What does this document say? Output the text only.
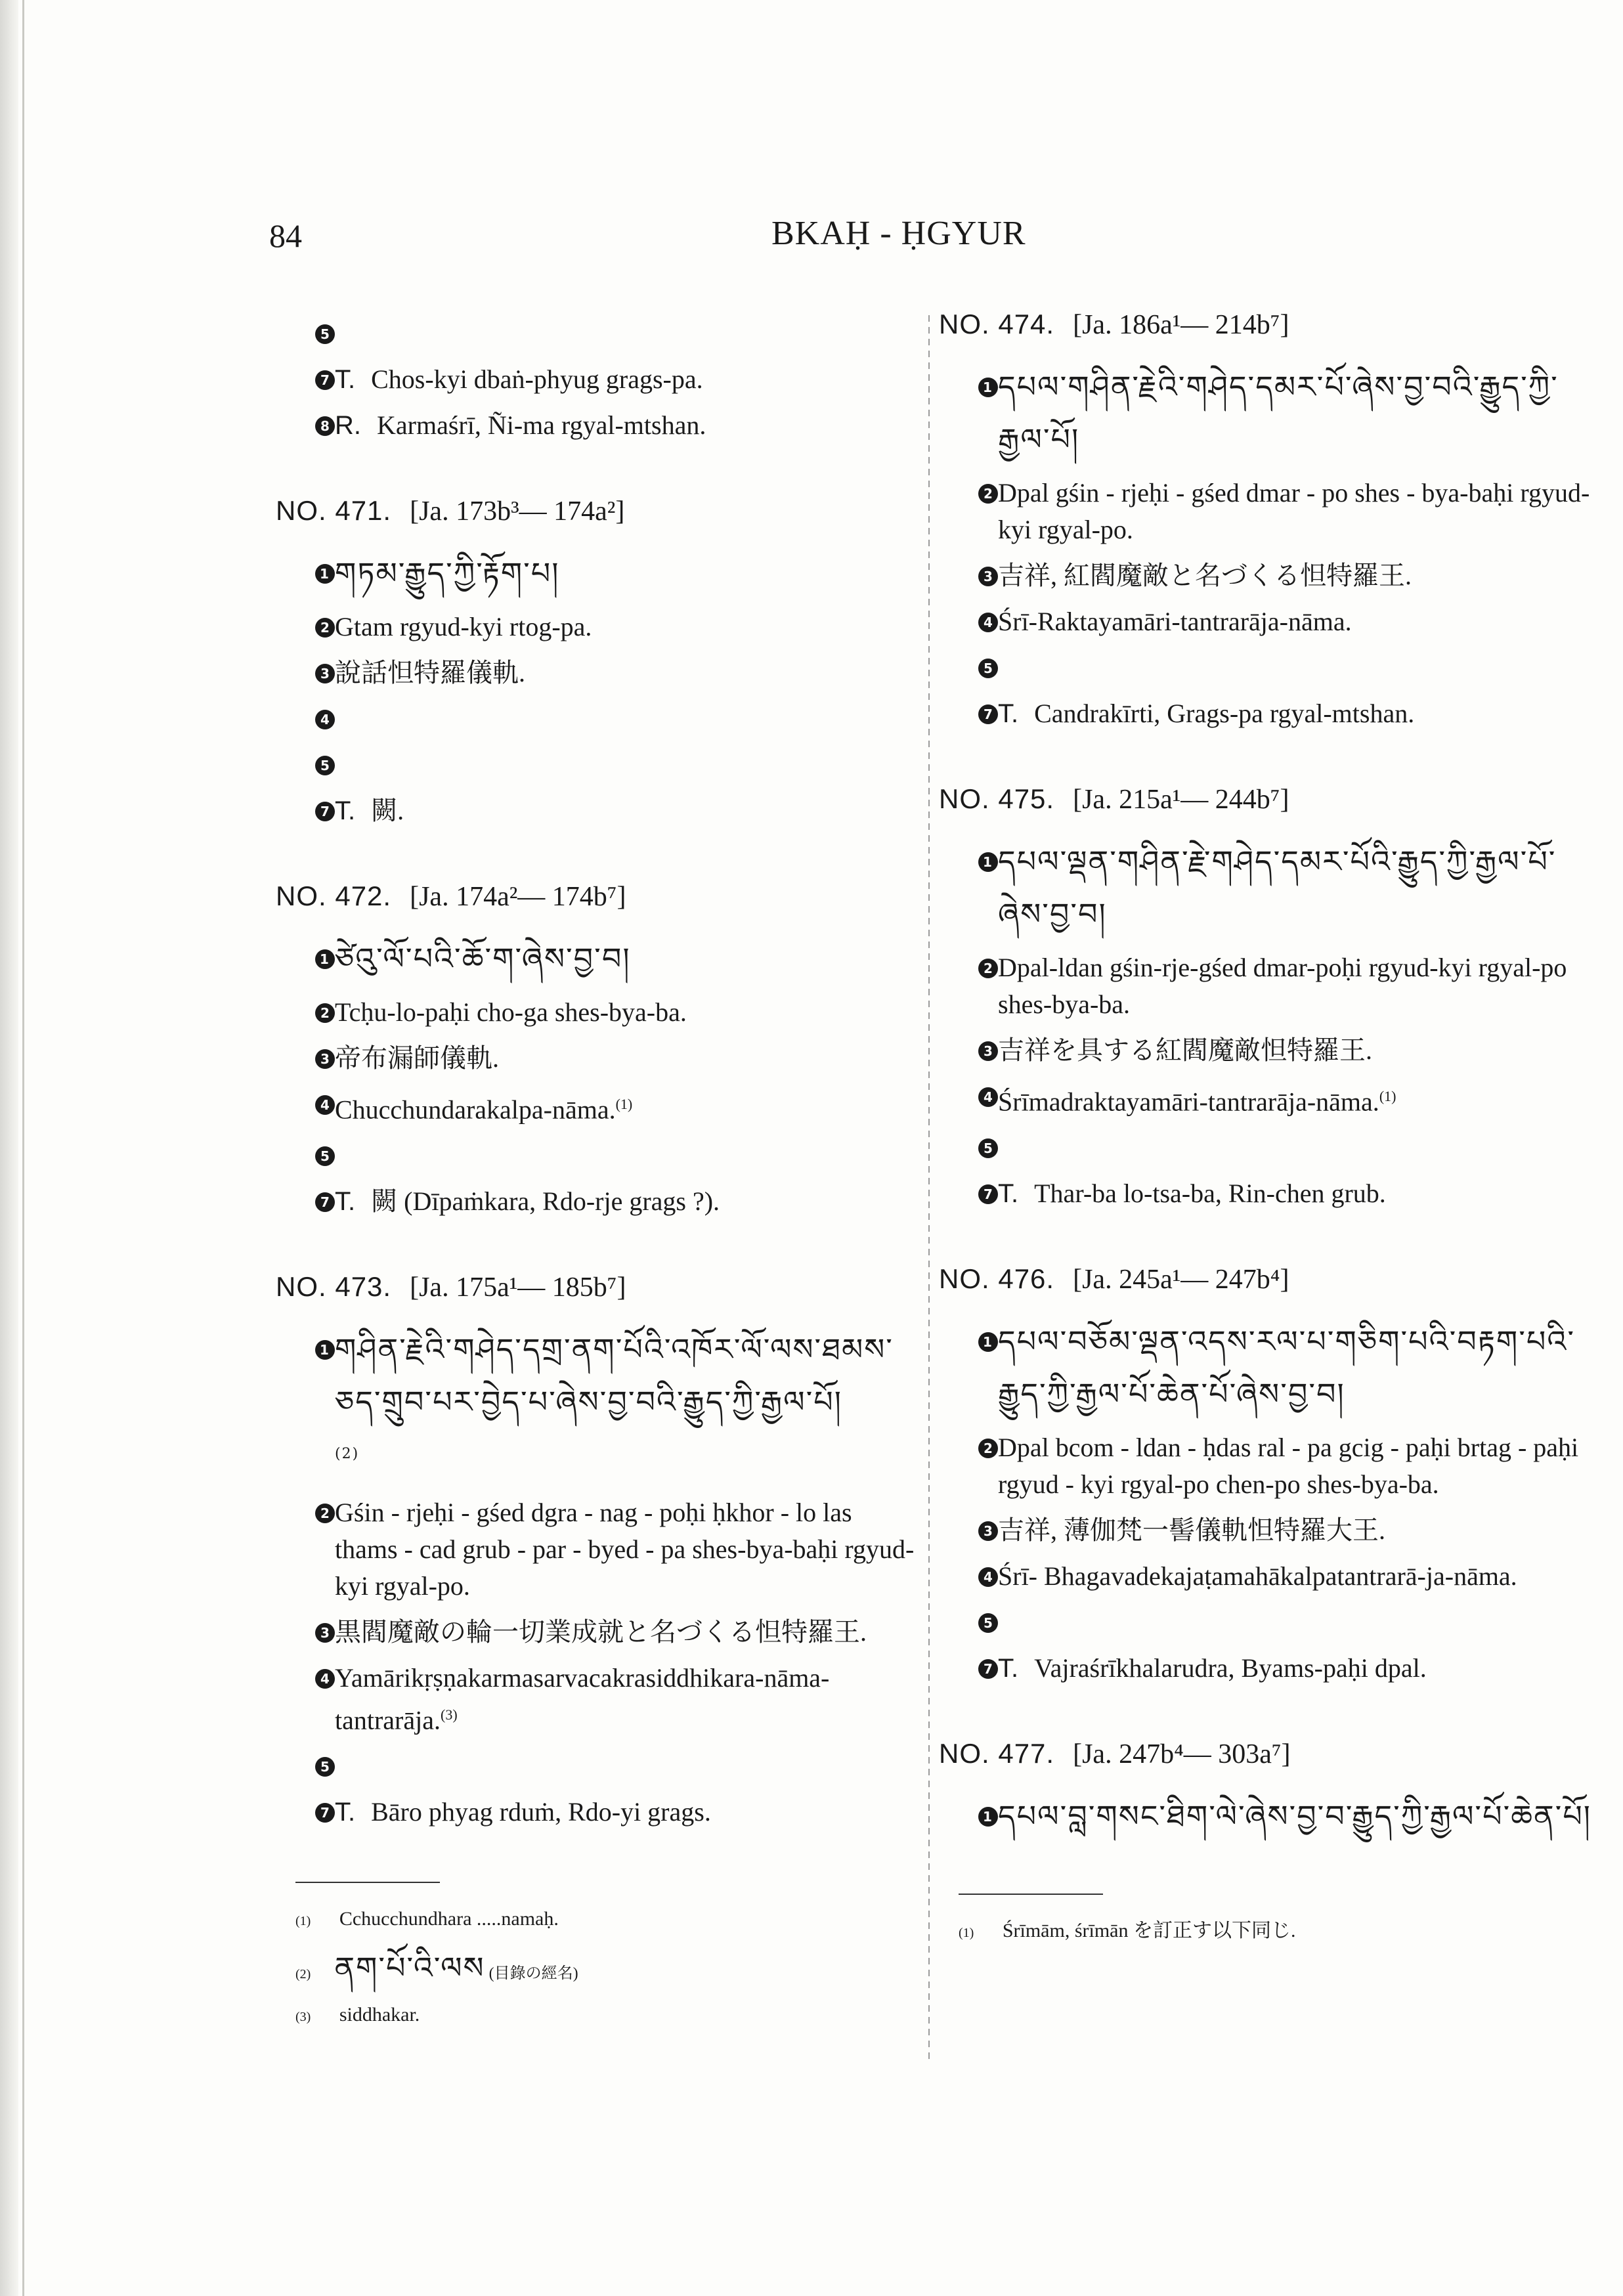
84	BKAḤ - ḤGYUR
5
7 T. Chos-kyi dbaṅ-phyug grags-pa.
8 R. Karmaśrī, Ñi-ma rgyal-mtshan.
NO. 471. [Ja. 173b³— 174a²]
1 གཏམ་རྒྱུད་ཀྱི་རྟོག་པ།
2 Gtam rgyud-kyi rtog-pa.
3 說話怛特羅儀軌.
4
5
7 T. 闕.
NO. 472. [Ja. 174a²— 174b⁷]
1 ཙེའུ་ལོ་པའི་ཆོ་ག་ཞེས་བྱ་བ།
2 Tcḥu-lo-paḥi cho-ga shes-bya-ba.
3 帝布漏師儀軌.
4 Chucchundarakalpa-nāma.$^{(1)}$
5
7 T. 闕 (Dīpaṁkara, Rdo-rje grags ?).
NO. 473. [Ja. 175a¹— 185b⁷]
1 གཤིན་རྗེའི་གཤེད་དགྲ་ནག་པོའི་འཁོར་ལོ་ལས་ཐམས་ཅད་གྲུབ་པར་བྱེད་པ་ཞེས་བྱ་བའི་རྒྱུད་ཀྱི་རྒྱལ་པོ།
$^{(2)}$
2 Gśin - rjeḥi - gśed dgra - nag - poḥi ḥkhor - lo las thams - cad grub - par - byed - pa shes-bya-baḥi rgyud-kyi rgyal-po.
3 黒閻魔敵の輪一切業成就と名づくる怛特羅王.
4 Yamārikṛṣṇakarmasarvacakrasiddhikara-nāma-tantrarāja.$^{(3)}$
5
7 T. Bāro phyag rduṁ, Rdo-yi grags.
(1) Cchucchundhara .....namaḥ.
(2) ནག་པོ་འི་ལས (目錄の經名)
(3) siddhakar.
NO. 474. [Ja. 186a¹— 214b⁷]
1 དཔལ་གཤིན་རྗེའི་གཤེད་དམར་པོ་ཞེས་བྱ་བའི་རྒྱུད་ཀྱི་རྒྱལ་པོ།
2 Dpal gśin - rjeḥi - gśed dmar - po shes - bya-baḥi rgyud-kyi rgyal-po.
3 吉祥, 紅閻魔敵と名づくる怛特羅王.
4 Śrī-Raktayamāri-tantrarāja-nāma.
5
7 T. Candrakīrti, Grags-pa rgyal-mtshan.
NO. 475. [Ja. 215a¹— 244b⁷]
1 དཔལ་ལྡན་གཤིན་རྗེ་གཤེད་དམར་པོའི་རྒྱུད་ཀྱི་རྒྱལ་པོ་ཞེས་བྱ་བ།
2 Dpal-ldan gśin-rje-gśed dmar-poḥi rgyud-kyi rgyal-po shes-bya-ba.
3 吉祥を具する紅閻魔敵怛特羅王.
4 Śrīmadraktayamāri-tantrarāja-nāma.$^{(1)}$
5
7 T. Thar-ba lo-tsa-ba, Rin-chen grub.
NO. 476. [Ja. 245a¹— 247b⁴]
1 དཔལ་བཅོམ་ལྡན་འདས་རལ་པ་གཅིག་པའི་བརྟག་པའི་རྒྱུད་ཀྱི་རྒྱལ་པོ་ཆེན་པོ་ཞེས་བྱ་བ།
2 Dpal bcom - ldan - ḥdas ral - pa gcig - paḥi brtag - paḥi rgyud - kyi rgyal-po chen-po shes-bya-ba.
3 吉祥, 薄伽梵一髻儀軌怛特羅大王.
4 Śrī- Bhagavadekajaṭamahākalpatantrarā-ja-nāma.
5
7 T. Vajraśrīkhalarudra, Byams-paḥi dpal.
NO. 477. [Ja. 247b⁴— 303a⁷]
1 དཔལ་བླ་གསང་ཐིག་ལེ་ཞེས་བྱ་བ་རྒྱུད་ཀྱི་རྒྱལ་པོ་ཆེན་པོ།
(1) Śrīmām, śrīmān を訂正す以下同じ.
